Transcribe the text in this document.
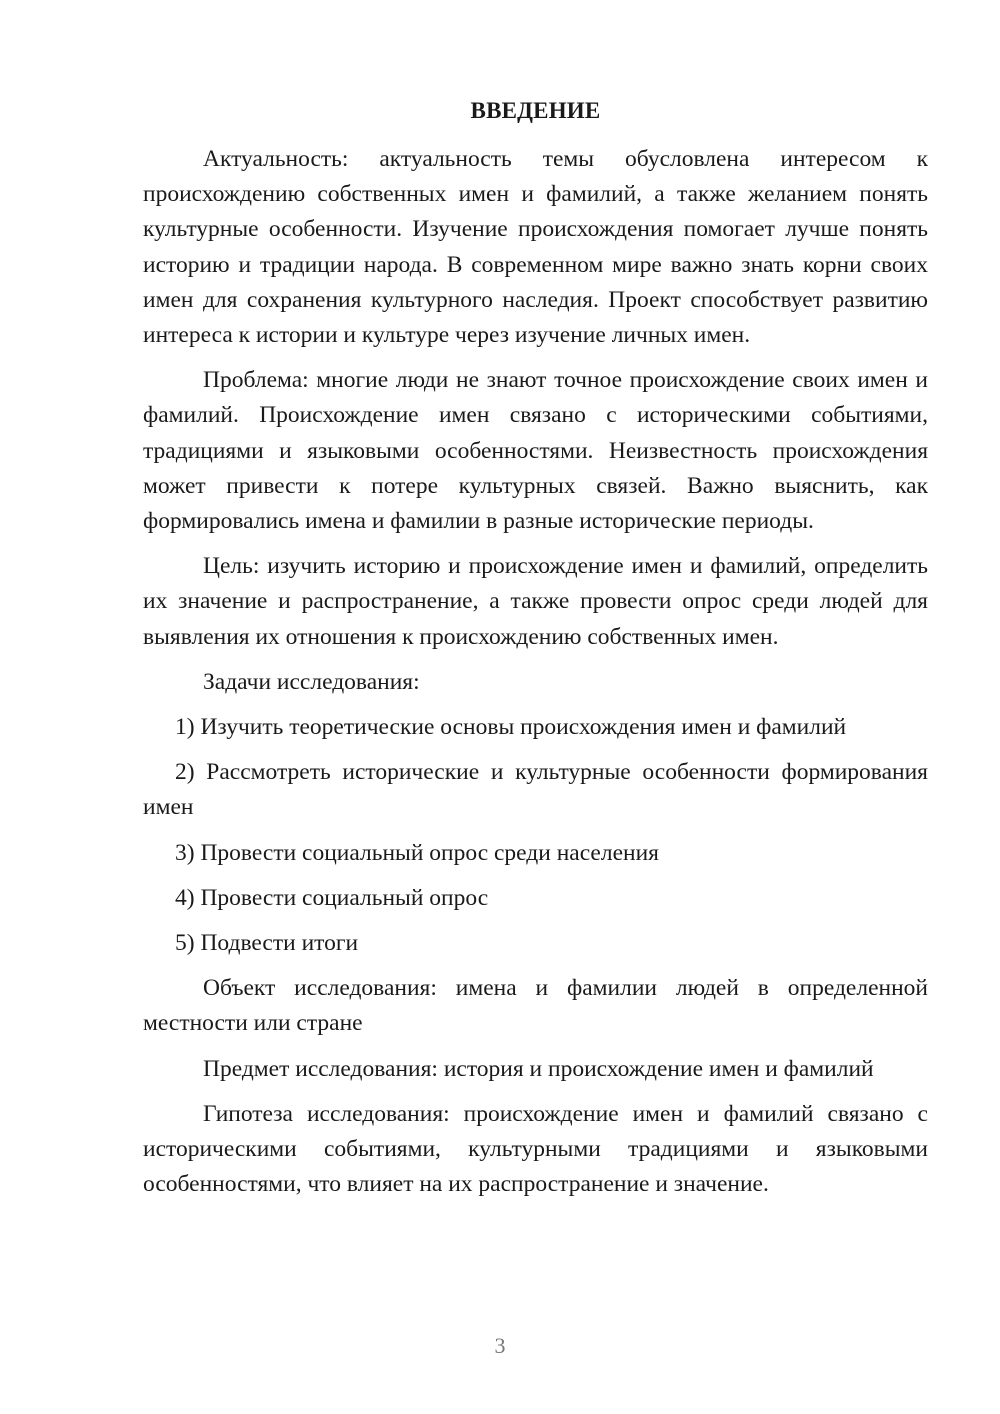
ВВЕДЕНИЕ

Актуальность: актуальность темы обусловлена интересом к происхождению собственных имен и фамилий, а также желанием понять культурные особенности. Изучение происхождения помогает лучше понять историю и традиции народа. В современном мире важно знать корни своих имен для сохранения культурного наследия. Проект способствует развитию интереса к истории и культуре через изучение личных имен.

Проблема: многие люди не знают точное происхождение своих имен и фамилий. Происхождение имен связано с историческими событиями, традициями и языковыми особенностями. Неизвестность происхождения может привести к потере культурных связей. Важно выяснить, как формировались имена и фамилии в разные исторические периоды.

Цель: изучить историю и происхождение имен и фамилий, определить их значение и распространение, а также провести опрос среди людей для выявления их отношения к происхождению собственных имен.

Задачи исследования:

1) Изучить теоретические основы происхождения имен и фамилий

2) Рассмотреть исторические и культурные особенности формирования имен

3) Провести социальный опрос среди населения

4) Провести социальный опрос

5) Подвести итоги

Объект исследования: имена и фамилии людей в определенной местности или стране

Предмет исследования: история и происхождение имен и фамилий

Гипотеза исследования: происхождение имен и фамилий связано с историческими событиями, культурными традициями и языковыми особенностями, что влияет на их распространение и значение.

3
